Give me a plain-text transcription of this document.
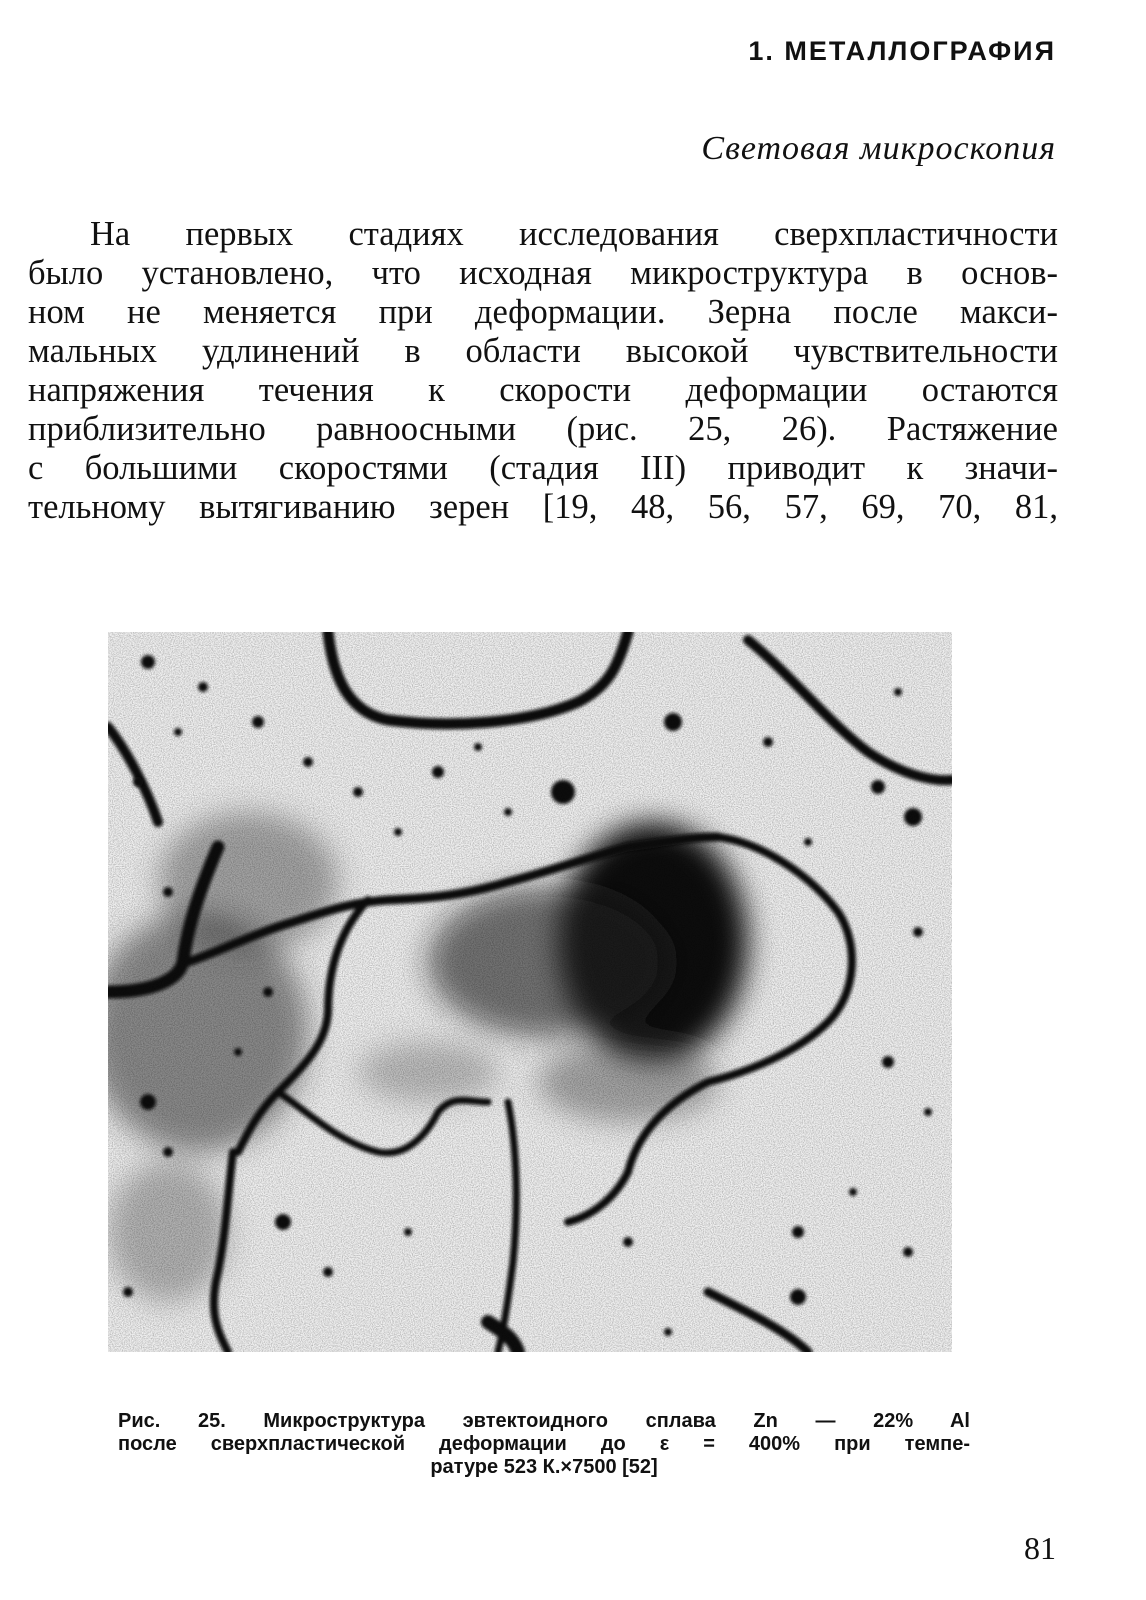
1. МЕТАЛЛОГРАФИЯ
Световая микроскопия
На первых стадиях исследования сверхпластичности
было установлено, что исходная микроструктура в основ-
ном не меняется при деформации. Зерна после макси-
мальных удлинений в области высокой чувствительности
напряжения течения к скорости деформации остаются
приблизительно равноосными (рис. 25, 26). Растяжение
с большими скоростями (стадия III) приводит к значи-
тельному вытягиванию зерен [19, 48, 56, 57, 69, 70, 81,
Рис. 25. Микроструктура эвтектоидного сплава Zn — 22% Al
после сверхпластической деформации до ε = 400% при темпе-
ратуре 523 К.×7500 [52]
81
